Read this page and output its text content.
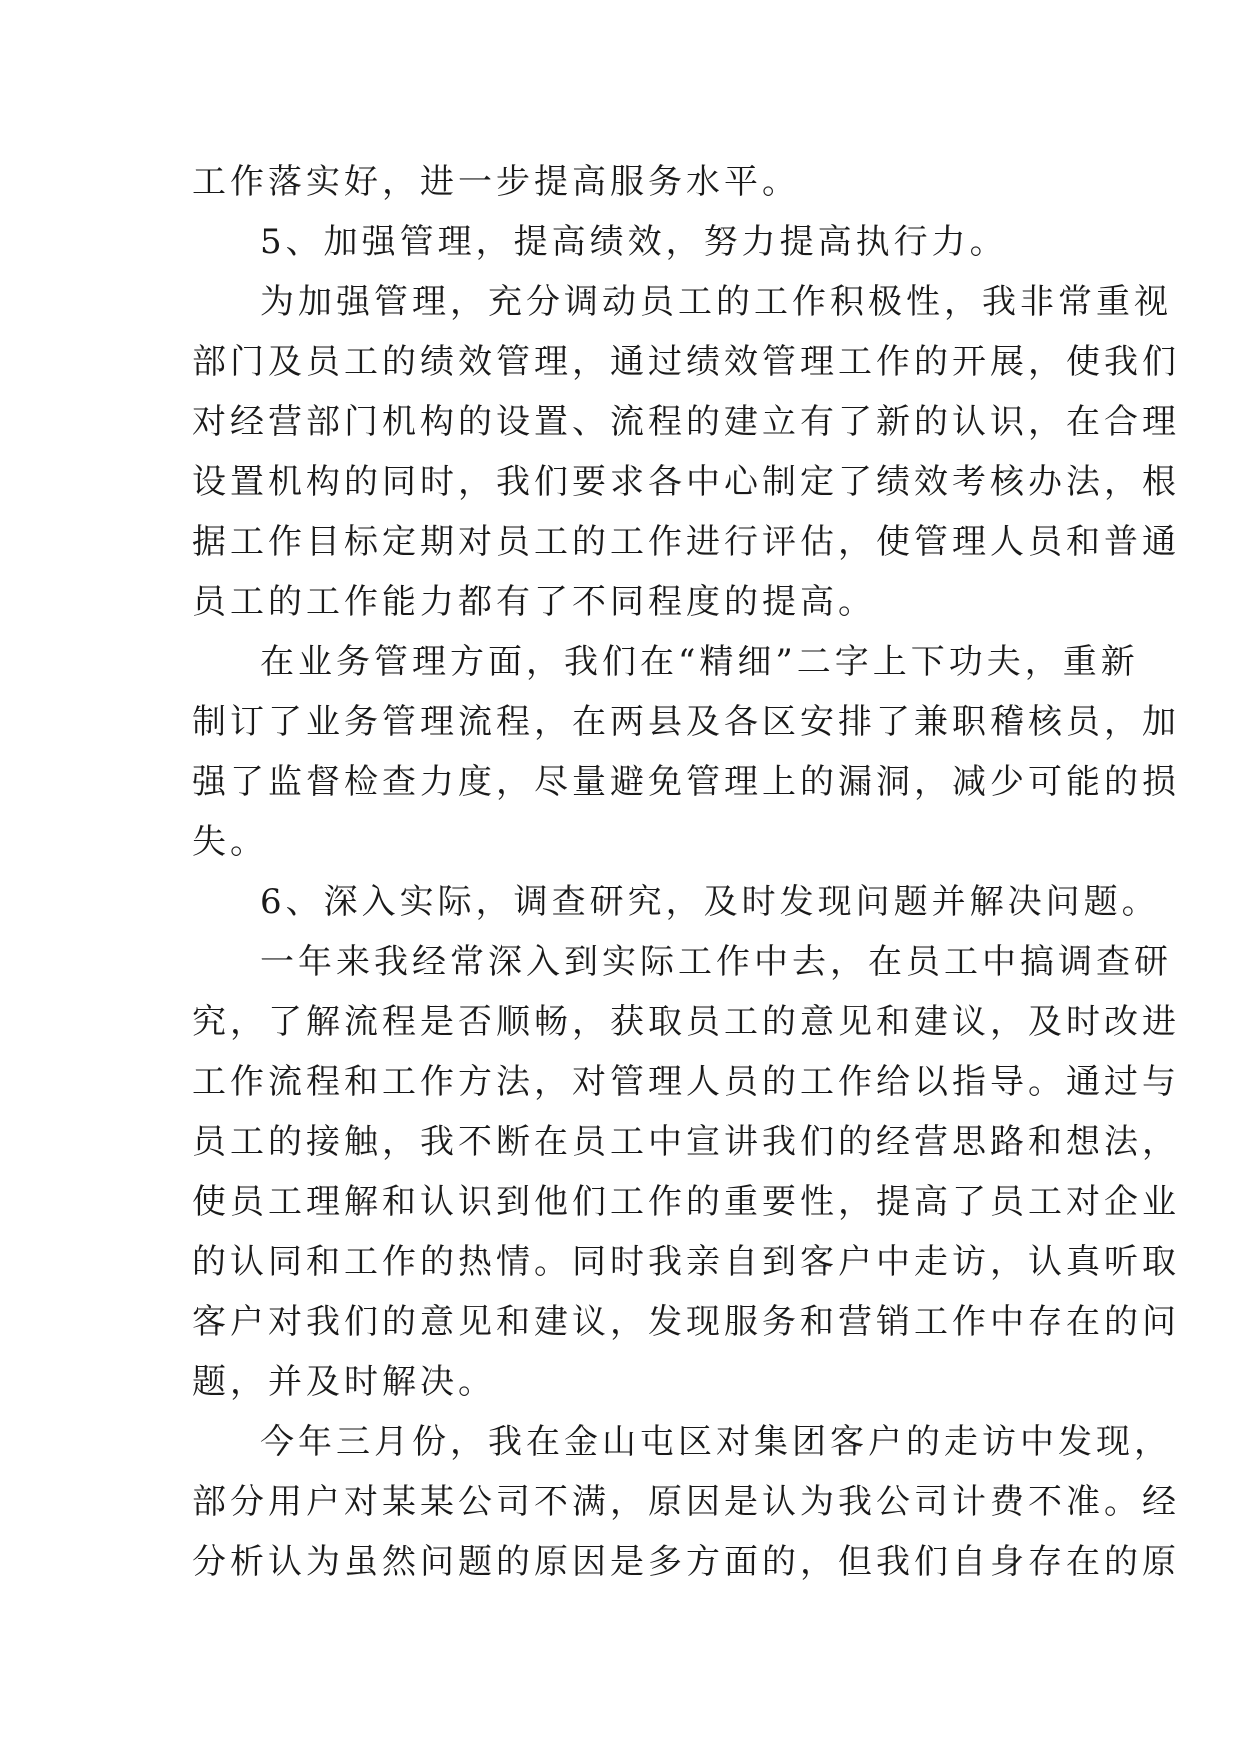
工作落实好，进一步提高服务水平。
5、加强管理，提高绩效，努力提高执行力。
为加强管理，充分调动员工的工作积极性，我非常重视
部门及员工的绩效管理，通过绩效管理工作的开展，使我们
对经营部门机构的设置、流程的建立有了新的认识，在合理
设置机构的同时，我们要求各中心制定了绩效考核办法，根
据工作目标定期对员工的工作进行评估，使管理人员和普通
员工的工作能力都有了不同程度的提高。
在业务管理方面，我们在“精细”二字上下功夫，重新
制订了业务管理流程，在两县及各区安排了兼职稽核员，加
强了监督检查力度，尽量避免管理上的漏洞，减少可能的损
失。
6、深入实际，调查研究，及时发现问题并解决问题。
一年来我经常深入到实际工作中去，在员工中搞调查研
究，了解流程是否顺畅，获取员工的意见和建议，及时改进
工作流程和工作方法，对管理人员的工作给以指导。通过与
员工的接触，我不断在员工中宣讲我们的经营思路和想法，
使员工理解和认识到他们工作的重要性，提高了员工对企业
的认同和工作的热情。同时我亲自到客户中走访，认真听取
客户对我们的意见和建议，发现服务和营销工作中存在的问
题，并及时解决。
今年三月份，我在金山屯区对集团客户的走访中发现，
部分用户对某某公司不满，原因是认为我公司计费不准。经
分析认为虽然问题的原因是多方面的，但我们自身存在的原
